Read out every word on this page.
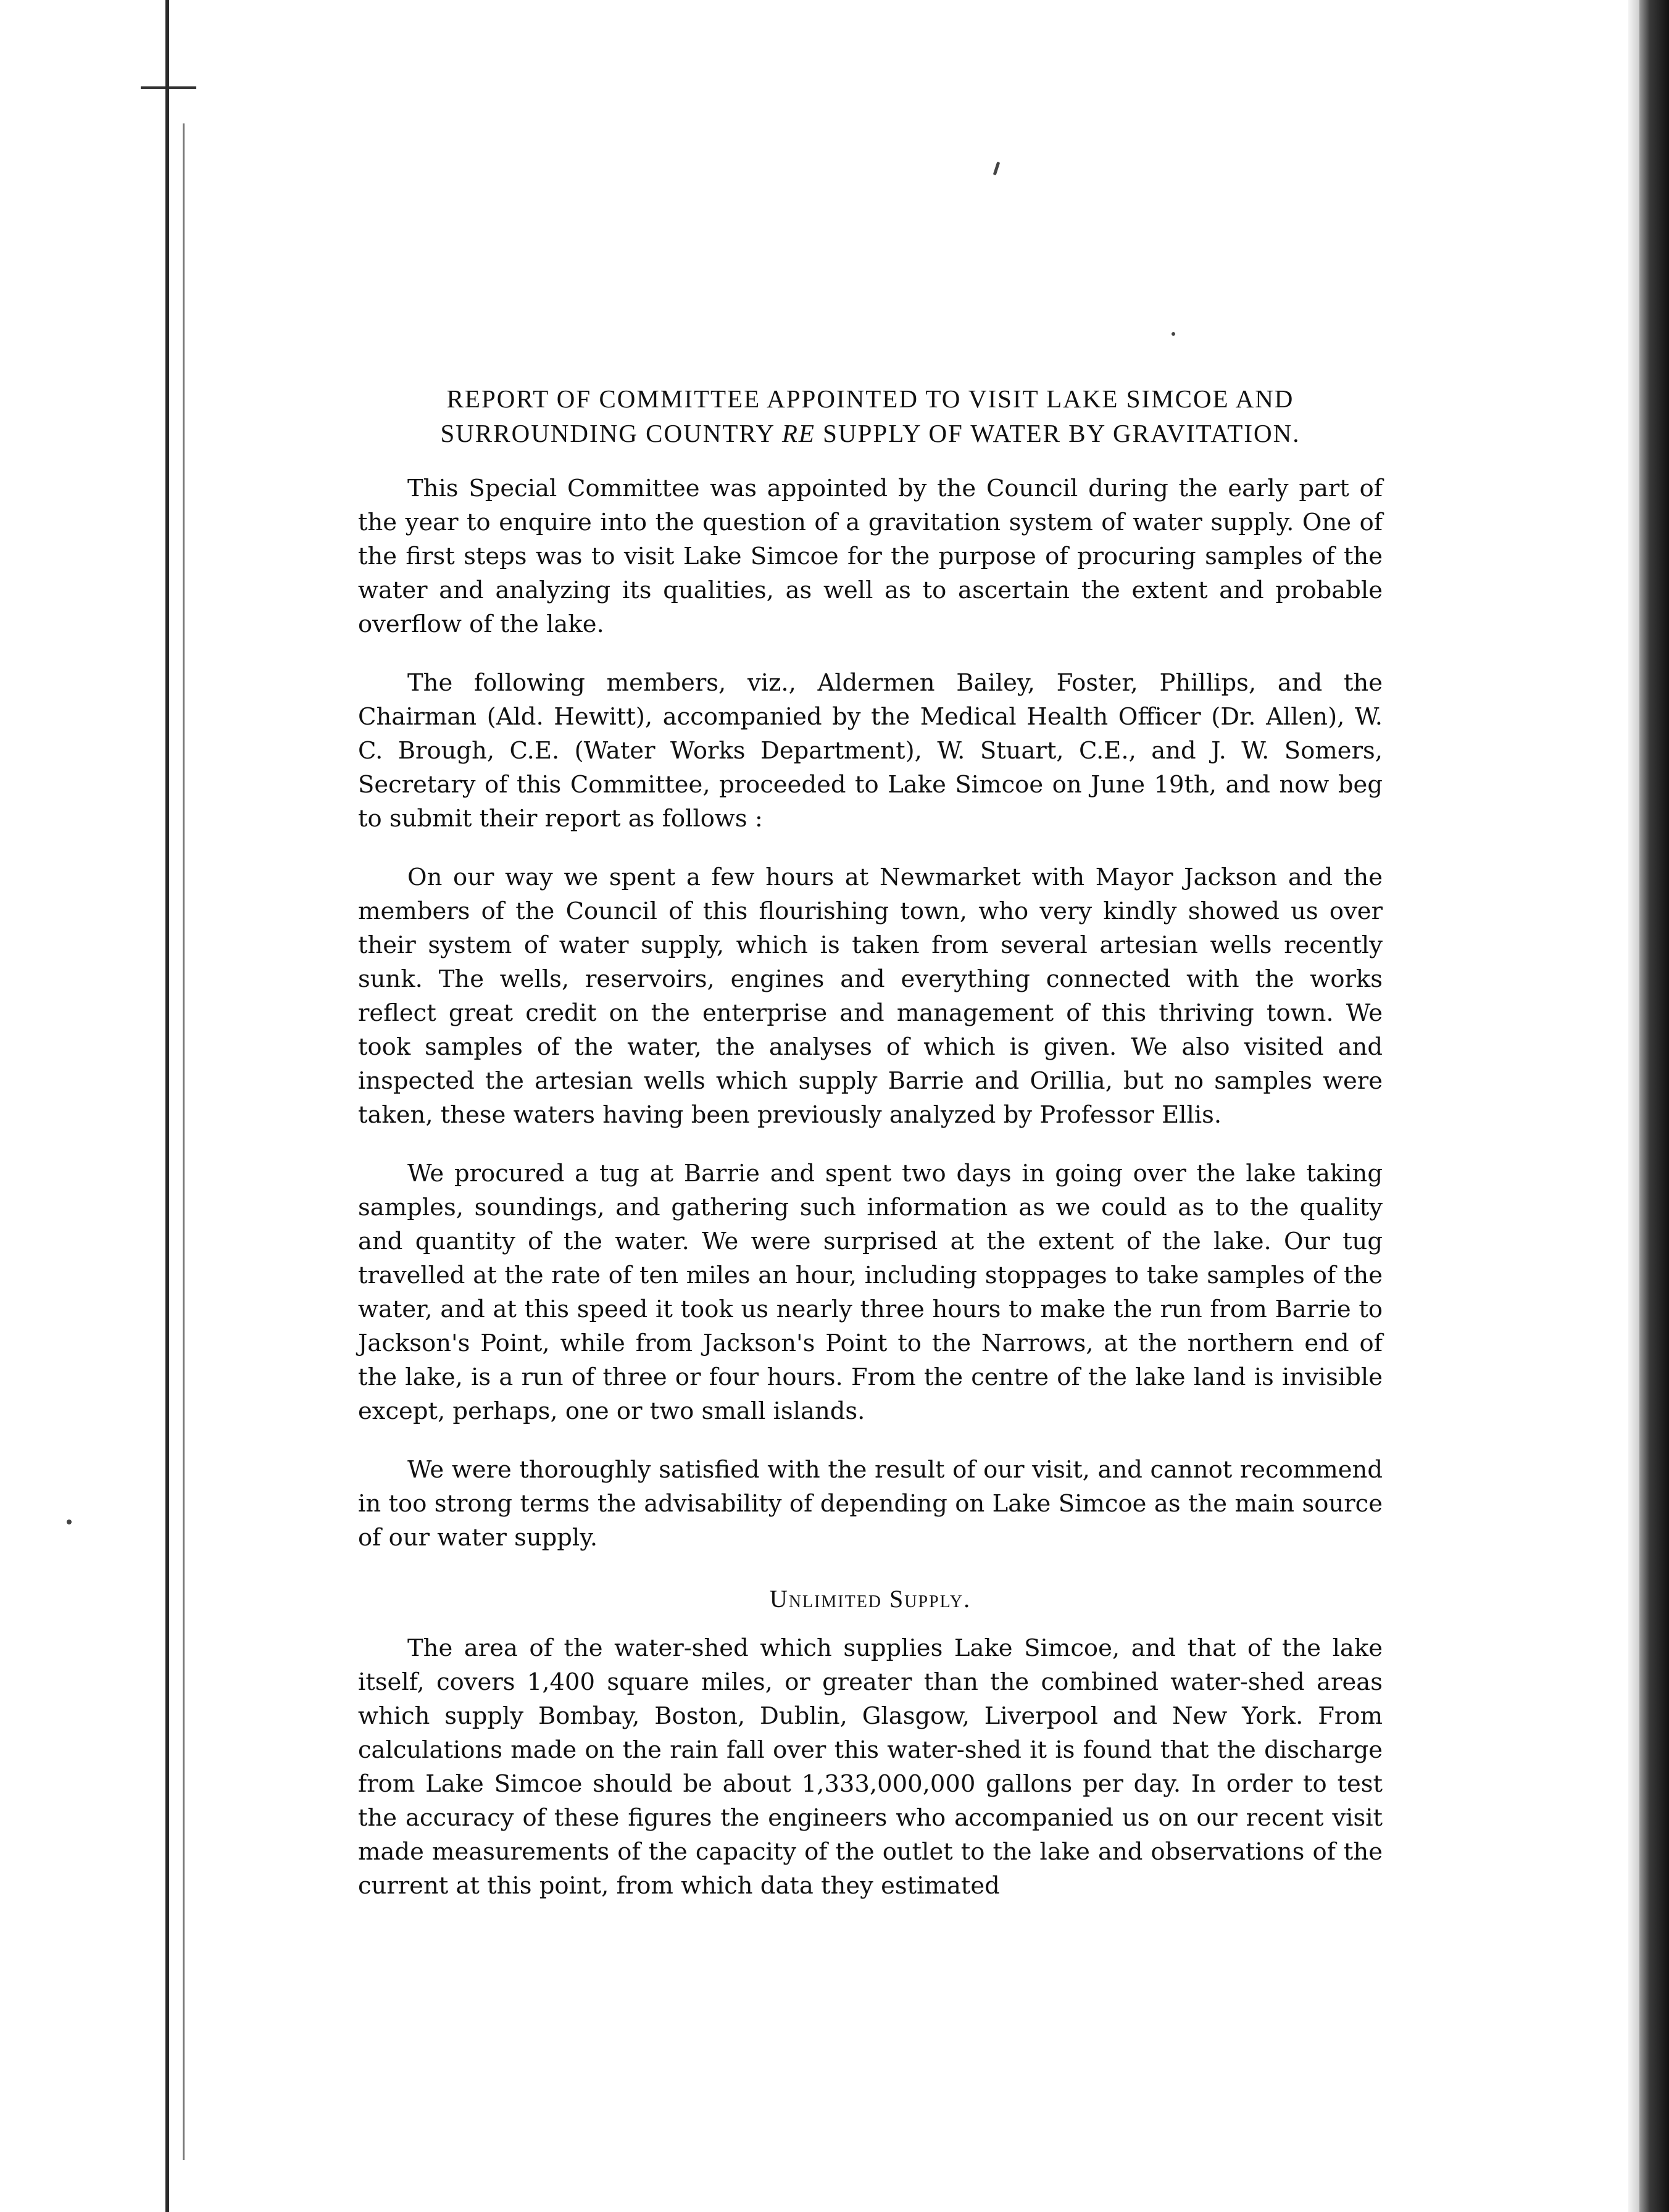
REPORT OF COMMITTEE APPOINTED TO VISIT LAKE SIMCOE AND SURROUNDING COUNTRY RE SUPPLY OF WATER BY GRAVITATION.

This Special Committee was appointed by the Council during the early part of the year to enquire into the question of a gravitation system of water supply. One of the first steps was to visit Lake Simcoe for the purpose of procuring samples of the water and analyzing its qualities, as well as to ascertain the extent and probable overflow of the lake.

The following members, viz., Aldermen Bailey, Foster, Phillips, and the Chairman (Ald. Hewitt), accompanied by the Medical Health Officer (Dr. Allen), W. C. Brough, C.E. (Water Works Department), W. Stuart, C.E., and J. W. Somers, Secretary of this Committee, proceeded to Lake Simcoe on June 19th, and now beg to submit their report as follows :

On our way we spent a few hours at Newmarket with Mayor Jackson and the members of the Council of this flourishing town, who very kindly showed us over their system of water supply, which is taken from several artesian wells recently sunk. The wells, reservoirs, engines and everything connected with the works reflect great credit on the enterprise and management of this thriving town. We took samples of the water, the analyses of which is given. We also visited and inspected the artesian wells which supply Barrie and Orillia, but no samples were taken, these waters having been previously analyzed by Professor Ellis.

We procured a tug at Barrie and spent two days in going over the lake taking samples, soundings, and gathering such information as we could as to the quality and quantity of the water. We were surprised at the extent of the lake. Our tug travelled at the rate of ten miles an hour, including stoppages to take samples of the water, and at this speed it took us nearly three hours to make the run from Barrie to Jackson's Point, while from Jackson's Point to the Narrows, at the northern end of the lake, is a run of three or four hours. From the centre of the lake land is invisible except, perhaps, one or two small islands.

We were thoroughly satisfied with the result of our visit, and cannot recommend in too strong terms the advisability of depending on Lake Simcoe as the main source of our water supply.

Unlimited Supply.

The area of the water-shed which supplies Lake Simcoe, and that of the lake itself, covers 1,400 square miles, or greater than the combined water-shed areas which supply Bombay, Boston, Dublin, Glasgow, Liverpool and New York. From calculations made on the rain fall over this water-shed it is found that the discharge from Lake Simcoe should be about 1,333,000,000 gallons per day. In order to test the accuracy of these figures the engineers who accompanied us on our recent visit made measurements of the capacity of the outlet to the lake and observations of the current at this point, from which data they estimated
